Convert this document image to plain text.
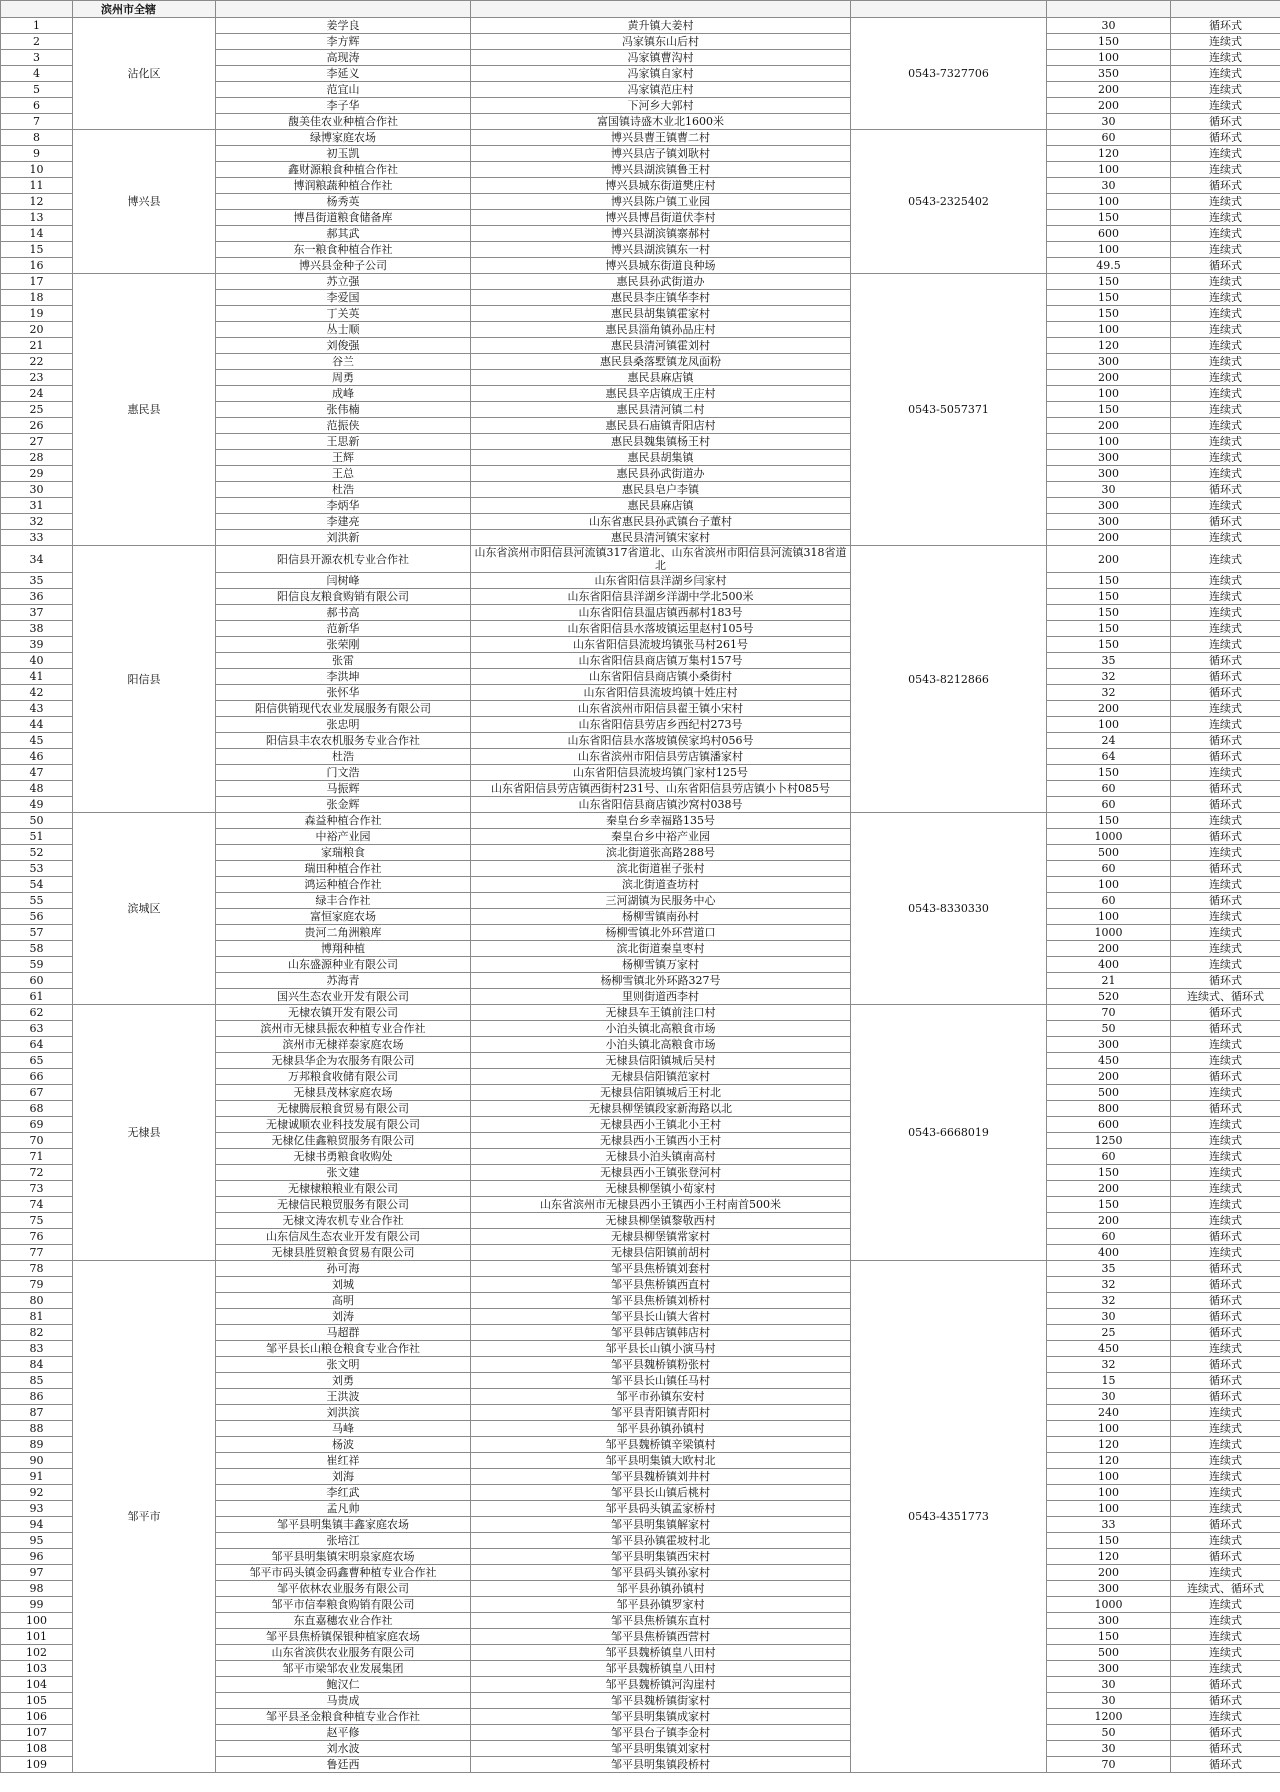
	滨州市全辖					
1	沾化区	姜学良	黄升镇大姜村	0543-7327706	30	循环式
2		李方辉	冯家镇东山后村		150	连续式
3		高现涛	冯家镇曹沟村		100	连续式
4		李延义	冯家镇自家村		350	连续式
5		范宜山	冯家镇范庄村		200	连续式
6		李子华	下河乡大郭村		200	连续式
7		馥美佳农业种植合作社	富国镇诗盛木业北1600米		30	循环式
8	博兴县	绿博家庭农场	博兴县曹王镇曹二村	0543-2325402	60	循环式
9		初玉凯	博兴县店子镇刘耿村		120	连续式
10		鑫财源粮食种植合作社	博兴县湖滨镇鲁王村		100	连续式
11		博润粮蔬种植合作社	博兴县城东街道樊庄村		30	循环式
12		杨秀英	博兴县陈户镇工业园		100	连续式
13		博昌街道粮食储备库	博兴县博昌街道伏李村		150	连续式
14		郝其武	博兴县湖滨镇寨郝村		600	连续式
15		东一粮食种植合作社	博兴县湖滨镇东一村		100	连续式
16		博兴县金种子公司	博兴县城东街道良种场		49.5	循环式
17	惠民县	苏立强	惠民县孙武街道办	0543-5057371	150	连续式
18		李爱国	惠民县李庄镇华李村		150	连续式
19		丁关英	惠民县胡集镇霍家村		150	连续式
20		丛士顺	惠民县淄角镇孙品庄村		100	连续式
21		刘俊强	惠民县清河镇霍刘村		120	连续式
22		谷兰	惠民县桑落墅镇龙凤面粉		300	连续式
23		周勇	惠民县麻店镇		200	连续式
24		成峰	惠民县辛店镇成王庄村		100	连续式
25		张伟楠	惠民县清河镇二村		150	连续式
26		范振侠	惠民县石庙镇青阳店村		200	连续式
27		王思新	惠民县魏集镇杨王村		100	连续式
28		王辉	惠民县胡集镇		300	连续式
29		王总	惠民县孙武街道办		300	连续式
30		杜浩	惠民县皂户李镇		30	循环式
31		李炳华	惠民县麻店镇		300	连续式
32		李建亮	山东省惠民县孙武镇台子董村		300	循环式
33		刘洪新	惠民县清河镇宋家村		200	连续式
34	阳信县	阳信县开源农机专业合作社	山东省滨州市阳信县河流镇317省道北、山东省滨州市阳信县河流镇318省道北	0543-8212866	200	连续式
35		闫树峰	山东省阳信县洋湖乡闫家村		150	连续式
36		阳信良友粮食购销有限公司	山东省阳信县洋湖乡洋湖中学北500米		150	连续式
37		郝书高	山东省阳信县温店镇西郝村183号		150	连续式
38		范新华	山东省阳信县水落坡镇运里赵村105号		150	连续式
39		张荣刚	山东省阳信县流坡坞镇张马村261号		150	连续式
40		张雷	山东省阳信县商店镇万集村157号		35	循环式
41		李洪坤	山东省阳信县商店镇小桑街村		32	循环式
42		张怀华	山东省阳信县流坡坞镇十姓庄村		32	循环式
43		阳信供销现代农业发展服务有限公司	山东省滨州市阳信县翟王镇小宋村		200	连续式
44		张忠明	山东省阳信县劳店乡西纪村273号		100	连续式
45		阳信县丰农农机服务专业合作社	山东省阳信县水落坡镇侯家坞村056号		24	循环式
46		杜浩	山东省滨州市阳信县劳店镇潘家村		64	循环式
47		门文浩	山东省阳信县流坡坞镇门家村125号		150	连续式
48		马振辉	山东省阳信县劳店镇西街村231号、山东省阳信县劳店镇小卜村085号		60	循环式
49		张金辉	山东省阳信县商店镇沙窝村038号		60	循环式
50	滨城区	森益种植合作社	秦皇台乡幸福路135号	0543-8330330	150	连续式
51		中裕产业园	秦皇台乡中裕产业园		1000	循环式
52		家瑞粮食	滨北街道张高路288号		500	连续式
53		瑞田种植合作社	滨北街道崔子张村		60	循环式
54		鸿运种植合作社	滨北街道查坊村		100	连续式
55		绿丰合作社	三河湖镇为民服务中心		60	循环式
56		富恒家庭农场	杨柳雪镇南孙村		100	连续式
57		贵河二角洲粮库	杨柳雪镇北外环营道口		1000	连续式
58		博翔种植	滨北街道秦皇枣村		200	连续式
59		山东盛源种业有限公司	杨柳雪镇万家村		400	连续式
60		苏海青	杨柳雪镇北外环路327号		21	循环式
61		国兴生态农业开发有限公司	里则街道西李村		520	连续式、循环式
62	无棣县	无棣农镇开发有限公司	无棣县车王镇前洼口村	0543-6668019	70	循环式
63		滨州市无棣县振农种植专业合作社	小泊头镇北高粮食市场		50	循环式
64		滨州市无棣祥泰家庭农场	小泊头镇北高粮食市场		300	连续式
65		无棣县华企为农服务有限公司	无棣县信阳镇城后吴村		450	连续式
66		万邦粮食收储有限公司	无棣县信阳镇范家村		200	循环式
67		无棣县茂林家庭农场	无棣县信阳镇城后王村北		500	连续式
68		无棣腾辰粮食贸易有限公司	无棣县柳堡镇段家新海路以北		800	循环式
69		无棣诚顺农业科技发展有限公司	无棣县西小王镇北小王村		600	连续式
70		无棣亿佳鑫粮贸服务有限公司	无棣县西小王镇西小王村		1250	连续式
71		无棣书勇粮食收购处	无棣县小泊头镇南高村		60	连续式
72		张文建	无棣县西小王镇张登河村		150	连续式
73		无棣棣粮粮业有限公司	无棣县柳堡镇小荀家村		200	连续式
74		无棣信民粮贸服务有限公司	山东省滨州市无棣县西小王镇西小王村南首500米		150	连续式
75		无棣文涛农机专业合作社	无棣县柳堡镇黎敬西村		200	连续式
76		山东信凤生态农业开发有限公司	无棣县柳堡镇常家村		60	循环式
77		无棣县胜贸粮食贸易有限公司	无棣县信阳镇前胡村		400	连续式
78	邹平市	孙可海	邹平县焦桥镇刘套村	0543-4351773	35	循环式
79		刘城	邹平县焦桥镇西直村		32	循环式
80		高明	邹平县焦桥镇刘桥村		32	循环式
81		刘涛	邹平县长山镇大省村		30	循环式
82		马超群	邹平县韩店镇韩店村		25	循环式
83		邹平县长山粮仓粮食专业合作社	邹平县长山镇小演马村		450	连续式
84		张文明	邹平县魏桥镇粉张村		32	循环式
85		刘勇	邹平县长山镇任马村		15	循环式
86		王洪波	邹平市孙镇东安村		30	循环式
87		刘洪滨	邹平县青阳镇青阳村		240	连续式
88		马峰	邹平县孙镇孙镇村		100	连续式
89		杨波	邹平县魏桥镇辛梁镇村		120	连续式
90		崔红祥	邹平县明集镇大欧村北		120	连续式
91		刘海	邹平县魏桥镇刘井村		100	连续式
92		李红武	邹平县长山镇后桃村		100	连续式
93		孟凡帅	邹平县码头镇孟家桥村		100	连续式
94		邹平县明集镇丰鑫家庭农场	邹平县明集镇解家村		33	循环式
95		张培江	邹平县孙镇霍坡村北		150	连续式
96		邹平县明集镇宋明泉家庭农场	邹平县明集镇西宋村		120	循环式
97		邹平市码头镇金码鑫曹种植专业合作社	邹平县码头镇孙家村		200	连续式
98		邹平依林农业服务有限公司	邹平县孙镇孙镇村		300	连续式、循环式
99		邹平市信奉粮食购销有限公司	邹平县孙镇罗家村		1000	连续式
100		东直嘉穗农业合作社	邹平县焦桥镇东直村		300	连续式
101		邹平县焦桥镇保银种植家庭农场	邹平县焦桥镇西营村		150	连续式
102		山东省滨供农业服务有限公司	邹平县魏桥镇皇八田村		500	连续式
103		邹平市梁邹农业发展集团	邹平县魏桥镇皇八田村		300	连续式
104		鲍汉仁	邹平县魏桥镇河沟崖村		30	循环式
105		马贵成	邹平县魏桥镇街家村		30	循环式
106		邹平县圣金粮食种植专业合作社	邹平县明集镇成家村		1200	连续式
107		赵平修	邹平县台子镇李金村		50	循环式
108		刘水波	邹平县明集镇刘家村		30	循环式
109		鲁廷西	邹平县明集镇段桥村		70	循环式
